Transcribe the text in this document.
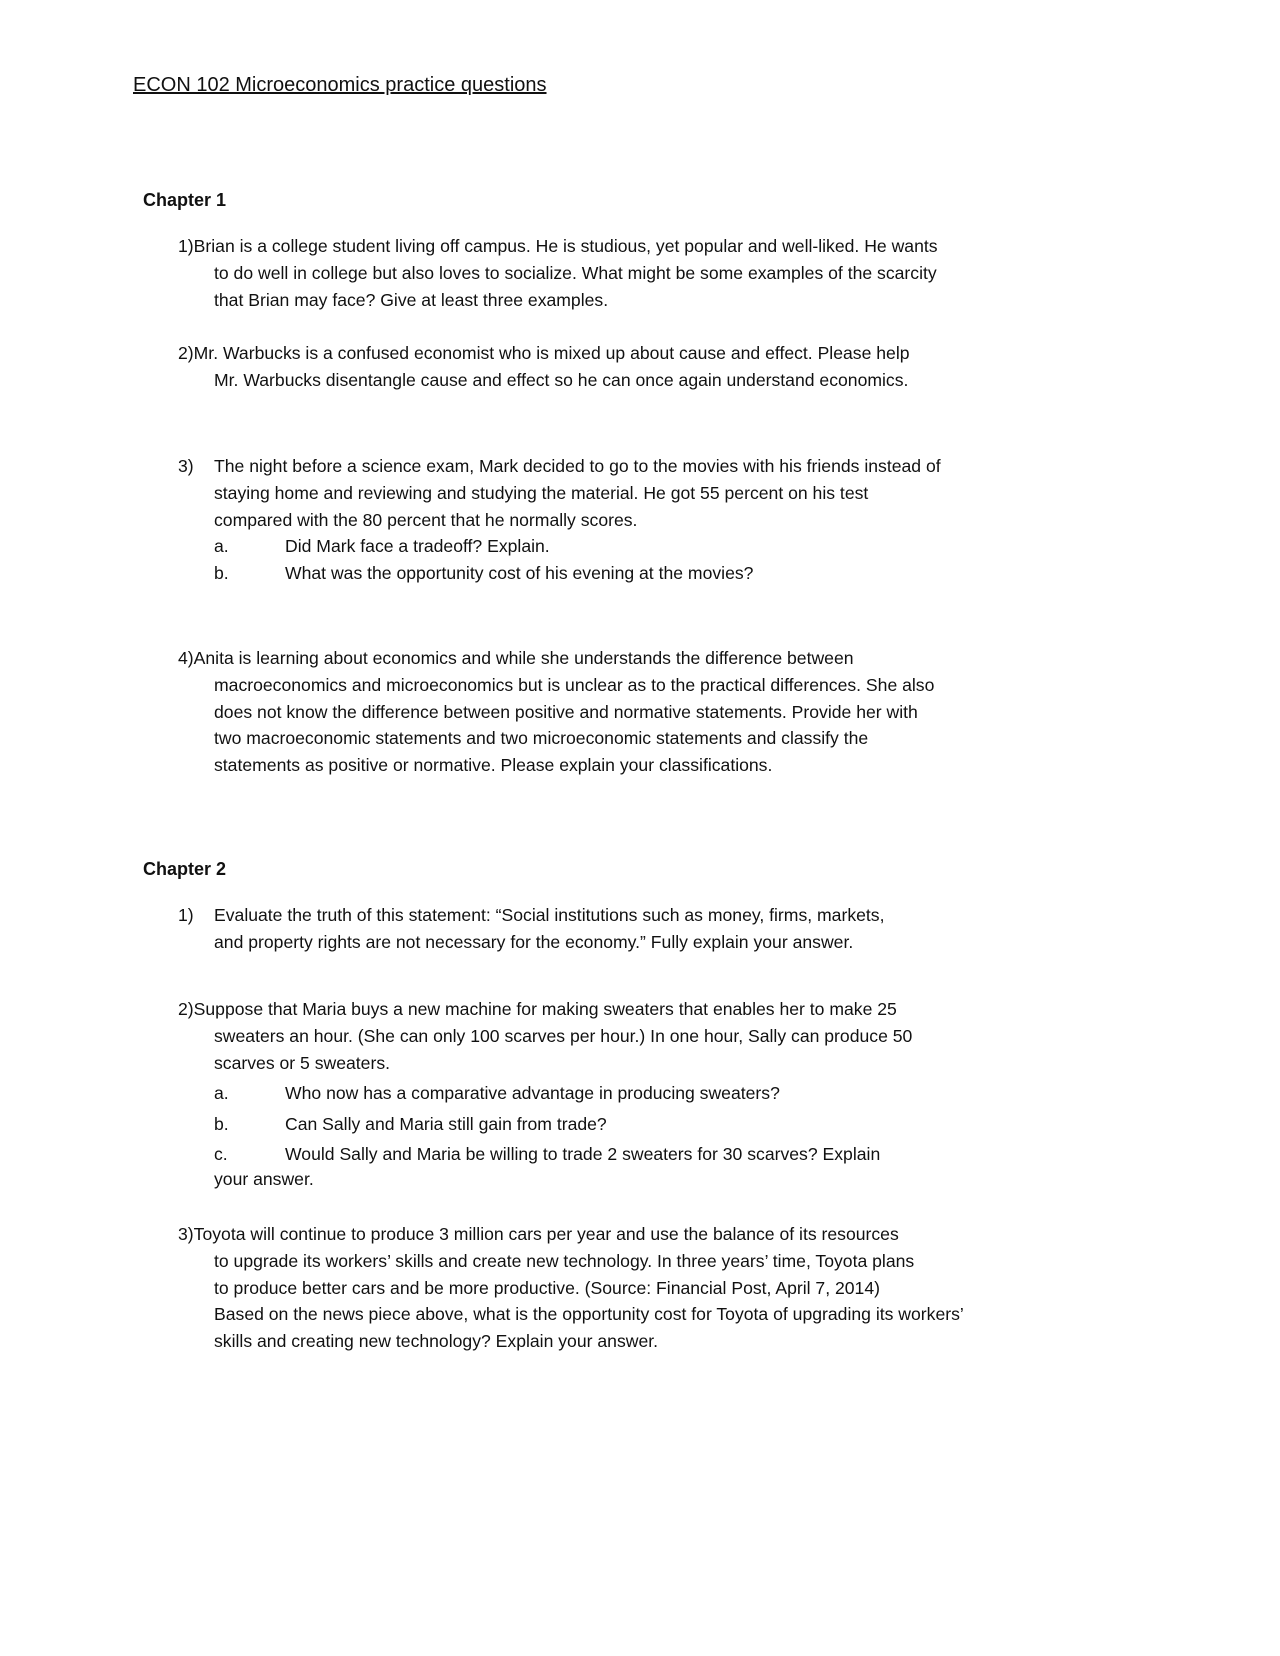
ECON 102 Microeconomics practice questions
Chapter 1
1)Brian is a college student living off campus. He is studious, yet popular and well-liked. He wants
to do well in college but also loves to socialize. What might be some examples of the scarcity
that Brian may face? Give at least three examples.
2)Mr. Warbucks is a confused economist who is mixed up about cause and effect. Please help
Mr. Warbucks disentangle cause and effect so he can once again understand economics.
3) The night before a science exam, Mark decided to go to the movies with his friends instead of
staying home and reviewing and studying the material. He got 55 percent on his test
compared with the 80 percent that he normally scores.
a.	Did Mark face a tradeoff? Explain.
b.	What was the opportunity cost of his evening at the movies?
4)Anita is learning about economics and while she understands the difference between
macroeconomics and microeconomics but is unclear as to the practical differences. She also
does not know the difference between positive and normative statements. Provide her with
two macroeconomic statements and two microeconomic statements and classify the
statements as positive or normative. Please explain your classifications.
Chapter 2
1) Evaluate the truth of this statement: “Social institutions such as money, firms, markets,
and property rights are not necessary for the economy.” Fully explain your answer.
2)Suppose that Maria buys a new machine for making sweaters that enables her to make 25
sweaters an hour. (She can only 100 scarves per hour.) In one hour, Sally can produce 50
scarves or 5 sweaters.
a.	Who now has a comparative advantage in producing sweaters?
b.	Can Sally and Maria still gain from trade?
c.	Would Sally and Maria be willing to trade 2 sweaters for 30 scarves? Explain
your answer.
3)Toyota will continue to produce 3 million cars per year and use the balance of its resources
to upgrade its workers’ skills and create new technology. In three years’ time, Toyota plans
to produce better cars and be more productive. (Source: Financial Post, April 7, 2014)
Based on the news piece above, what is the opportunity cost for Toyota of upgrading its workers’
skills and creating new technology? Explain your answer.
